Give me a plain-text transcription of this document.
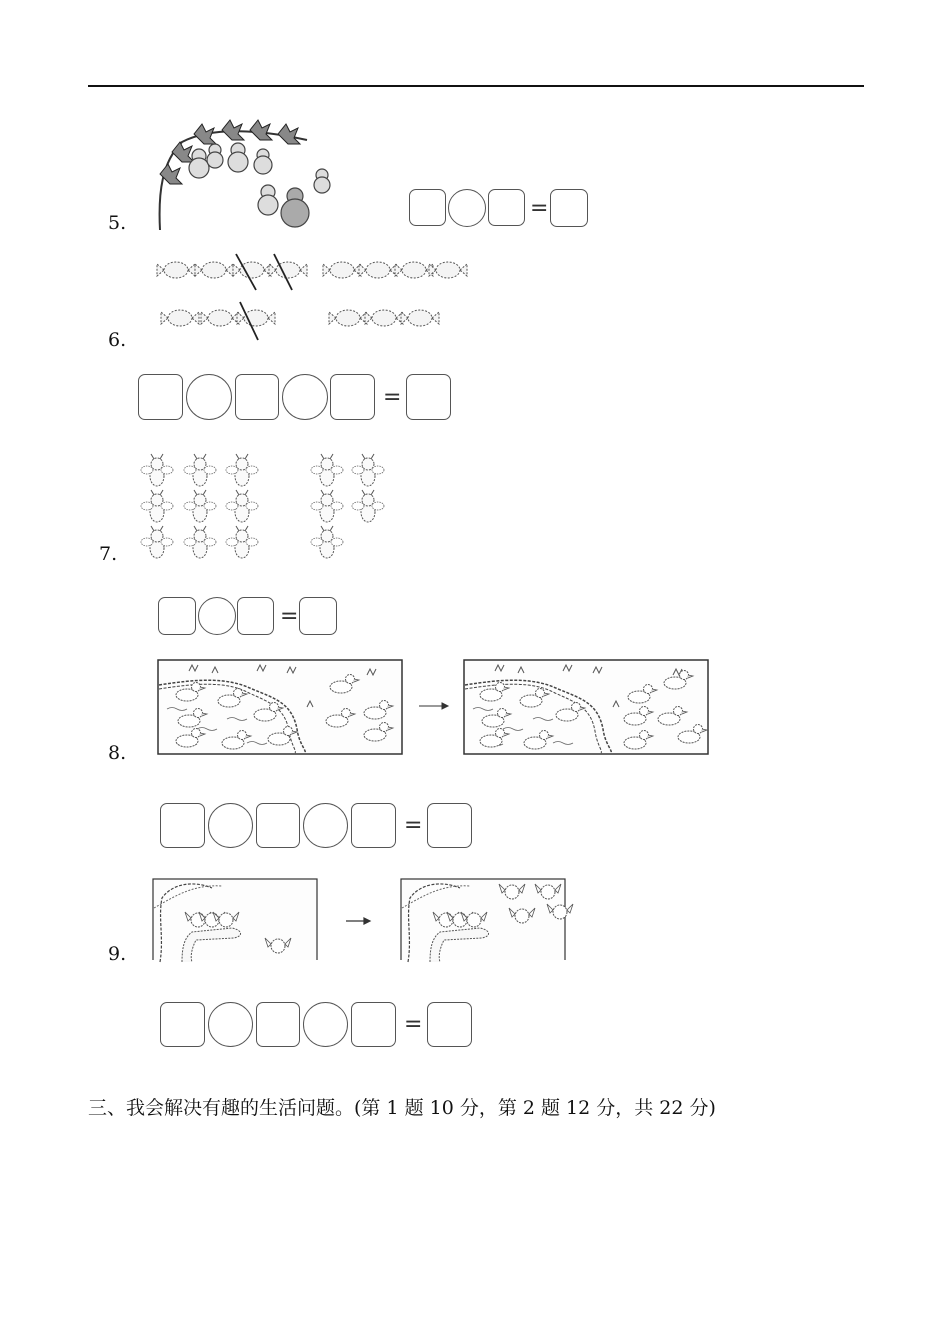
5.
=
6.
=
7.
=
8.
=
9.
=
三、我会解决有趣的生活问题。(第 1 题 10 分，第 2 题 12 分，共 22 分)
